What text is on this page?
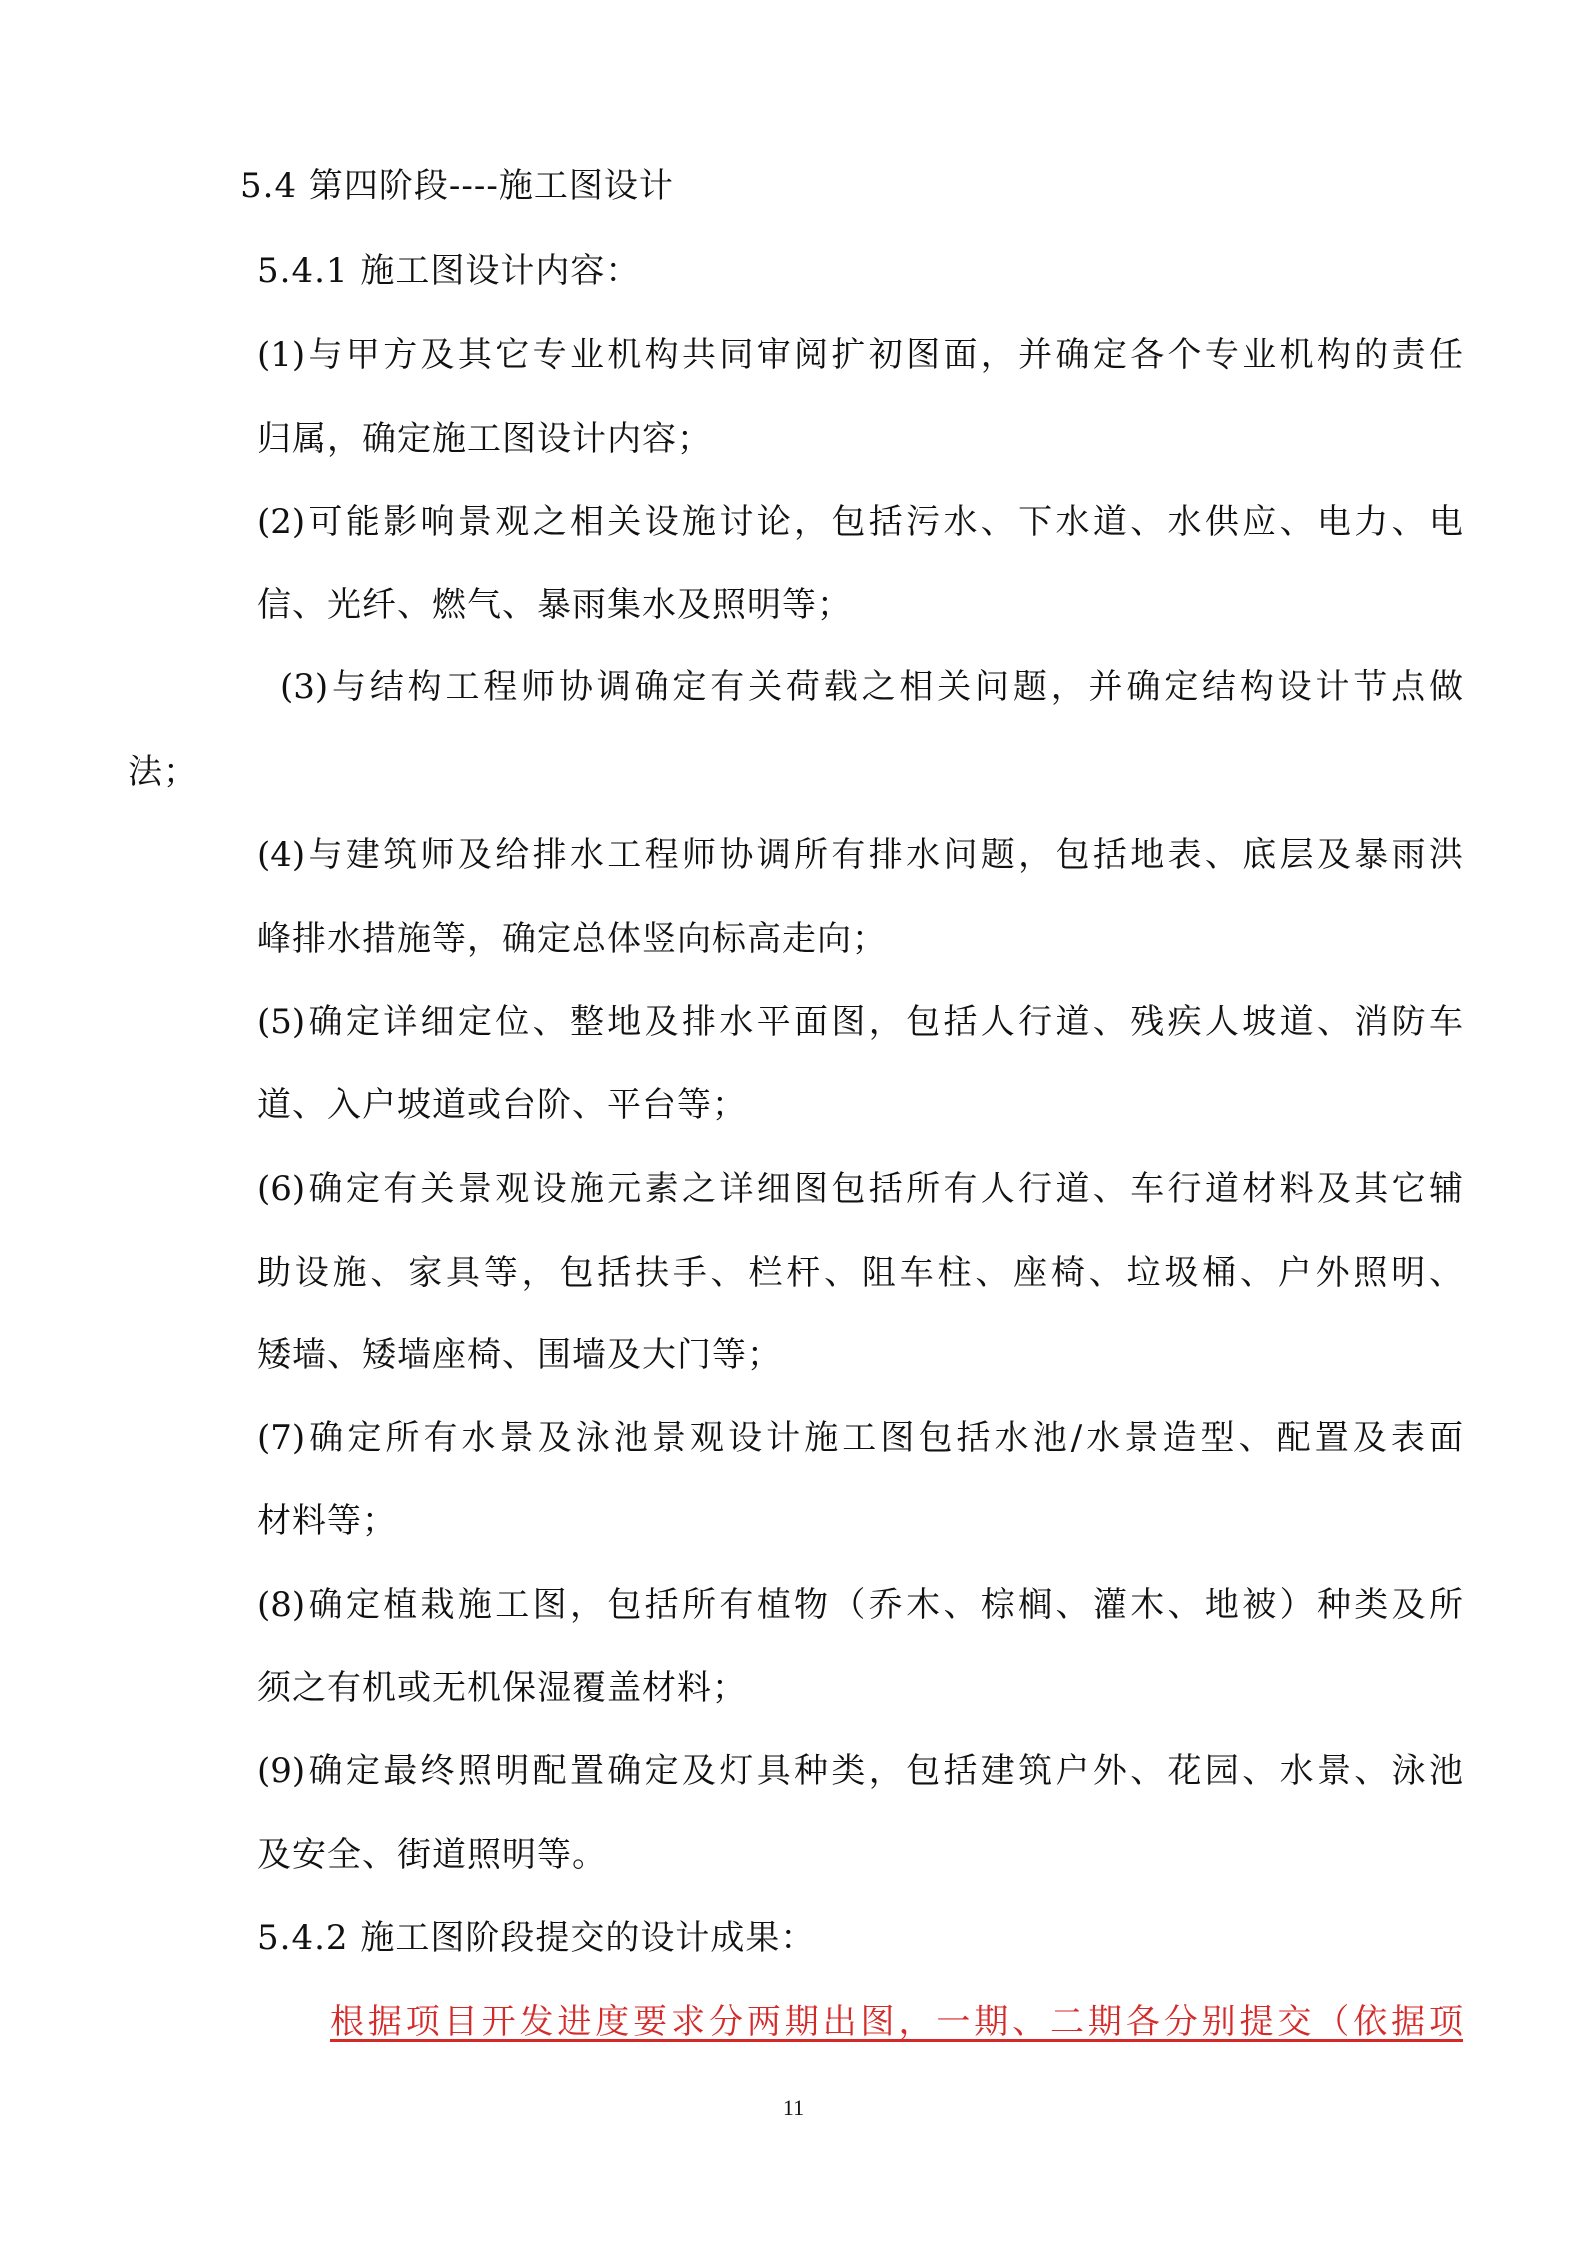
5.4 第四阶段----施工图设计
5.4.1 施工图设计内容：
(1)与甲方及其它专业机构共同审阅扩初图面，并确定各个专业机构的责任
归属，确定施工图设计内容；
(2)可能影响景观之相关设施讨论，包括污水、下水道、水供应、电力、电
信、光纤、燃气、暴雨集水及照明等；
(3)与结构工程师协调确定有关荷载之相关问题，并确定结构设计节点做
法；
(4)与建筑师及给排水工程师协调所有排水问题，包括地表、底层及暴雨洪
峰排水措施等，确定总体竖向标高走向；
(5)确定详细定位、整地及排水平面图，包括人行道、残疾人坡道、消防车
道、入户坡道或台阶、平台等；
(6)确定有关景观设施元素之详细图包括所有人行道、车行道材料及其它辅
助设施、家具等，包括扶手、栏杆、阻车柱、座椅、垃圾桶、户外照明、
矮墙、矮墙座椅、围墙及大门等；
(7)确定所有水景及泳池景观设计施工图包括水池/水景造型、配置及表面
材料等；
(8)确定植栽施工图，包括所有植物（乔木、棕榈、灌木、地被）种类及所
须之有机或无机保湿覆盖材料；
(9)确定最终照明配置确定及灯具种类，包括建筑户外、花园、水景、泳池
及安全、街道照明等。
5.4.2 施工图阶段提交的设计成果：
根据项目开发进度要求分两期出图，一期、二期各分别提交（依据项
11
